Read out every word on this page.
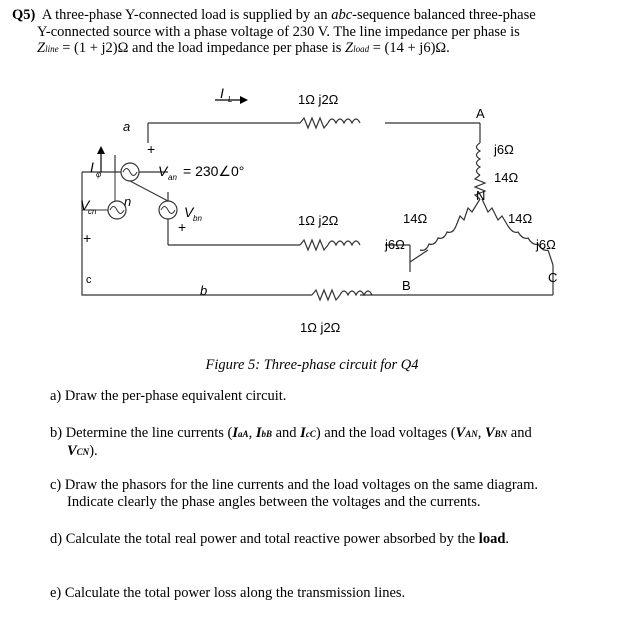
Q5) A three-phase Y-connected load is supplied by an abc-sequence balanced three-phase
Y-connected source with a phase voltage of 230 V. The line impedance per phase is
Zline = (1 + j2)Ω and the load impedance per phase is Zload = (14 + j6)Ω.
I L	1Ω j2Ω
1Ω j2Ω
1Ω j2Ω
a
+
I φ	V an = 230∠0°
n
V bn
+
V
cn
+
c
b
A
j6Ω
14Ω
N
14Ω
j6Ω
B
14Ω
j6Ω
C
Figure 5: Three-phase circuit for Q4
a) Draw the per-phase equivalent circuit.
b) Determine the line currents (IaA, IbB and IcC) and the load voltages (VAN, VBN and
VCN).
c) Draw the phasors for the line currents and the load voltages on the same diagram.
Indicate clearly the phase angles between the voltages and the currents.
d) Calculate the total real power and total reactive power absorbed by the load.
e) Calculate the total power loss along the transmission lines.
